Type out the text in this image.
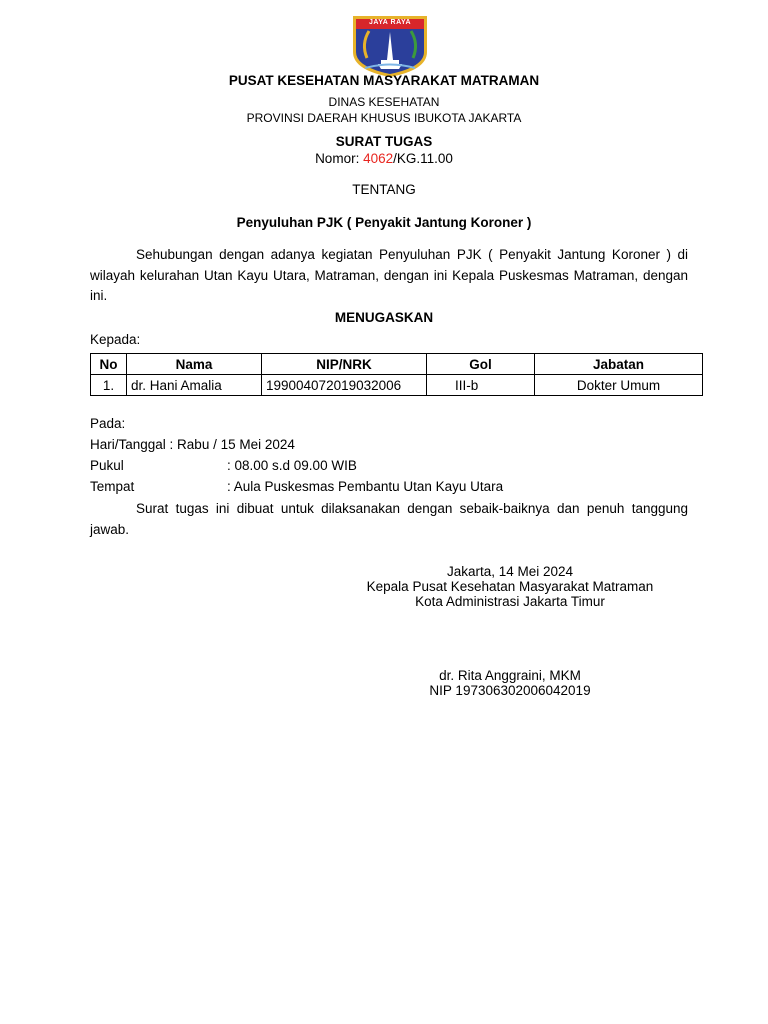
JAYA RAYA
PUSAT KESEHATAN MASYARAKAT MATRAMAN
DINAS KESEHATAN
PROVINSI DAERAH KHUSUS IBUKOTA JAKARTA
SURAT TUGAS
Nomor: 4062/KG.11.00
TENTANG
Penyuluhan PJK ( Penyakit Jantung Koroner )
Sehubungan dengan adanya kegiatan Penyuluhan PJK ( Penyakit Jantung Koroner ) di wilayah kelurahan Utan Kayu Utara, Matraman, dengan ini Kepala Puskesmas Matraman, dengan ini.
MENUGASKAN
Kepada:
No	Nama	NIP/NRK	Gol	Jabatan
1.	dr. Hani Amalia	199004072019032006	III-b	Dokter Umum
Pada:
Hari/Tanggal : Rabu / 15 Mei 2024
Pukul	: 08.00 s.d 09.00 WIB
Tempat	: Aula Puskesmas Pembantu Utan Kayu Utara
Surat tugas ini dibuat untuk dilaksanakan dengan sebaik-baiknya dan penuh tanggung jawab.
Jakarta, 14 Mei 2024
Kepala Pusat Kesehatan Masyarakat Matraman
Kota Administrasi Jakarta Timur
dr. Rita Anggraini, MKM
NIP 197306302006042019
